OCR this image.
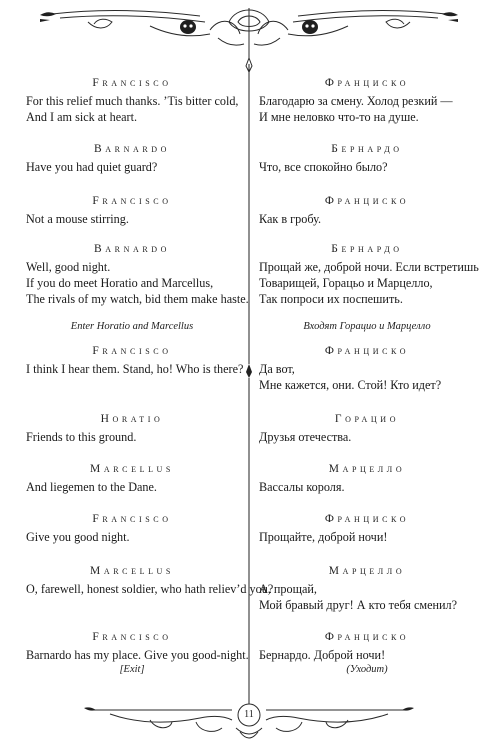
11
Francisco
For this relief much thanks. ’Tis bitter cold,
And I am sick at heart.
Barnardo
Have you had quiet guard?
Francisco
Not a mouse stirring.
Barnardo
Well, good night.
If you do meet Horatio and Marcellus,
The rivals of my watch, bid them make haste.
Enter Horatio and Marcellus
Francisco
I think I hear them. Stand, ho! Who is there?
Horatio
Friends to this ground.
Marcellus
And liegemen to the Dane.
Francisco
Give you good night.
Marcellus
O, farewell, honest soldier, who hath reliev’d you?
Francisco
Barnardo has my place. Give you good-night.
[Exit]
Франциско
Благодарю за смену. Холод резкий —
И мне неловко что-то на душе.
Бернардо
Что, все спокойно было?
Франциско
Как в гробу.
Бернардо
Прощай же, доброй ночи. Если встретишь
Товарищей, Горацьо и Марцелло,
Так попроси их поспешить.
Входят Горацио и Марцелло
Франциско
Да вот,
Мне кажется, они. Стой! Кто идет?
Горацио
Друзья отечества.
Марцелло
Вассалы короля.
Франциско
Прощайте, доброй ночи!
Марцелло
А, прощай,
Мой бравый друг! А кто тебя сменил?
Франциско
Бернардо. Доброй ночи!
(Уходит)
